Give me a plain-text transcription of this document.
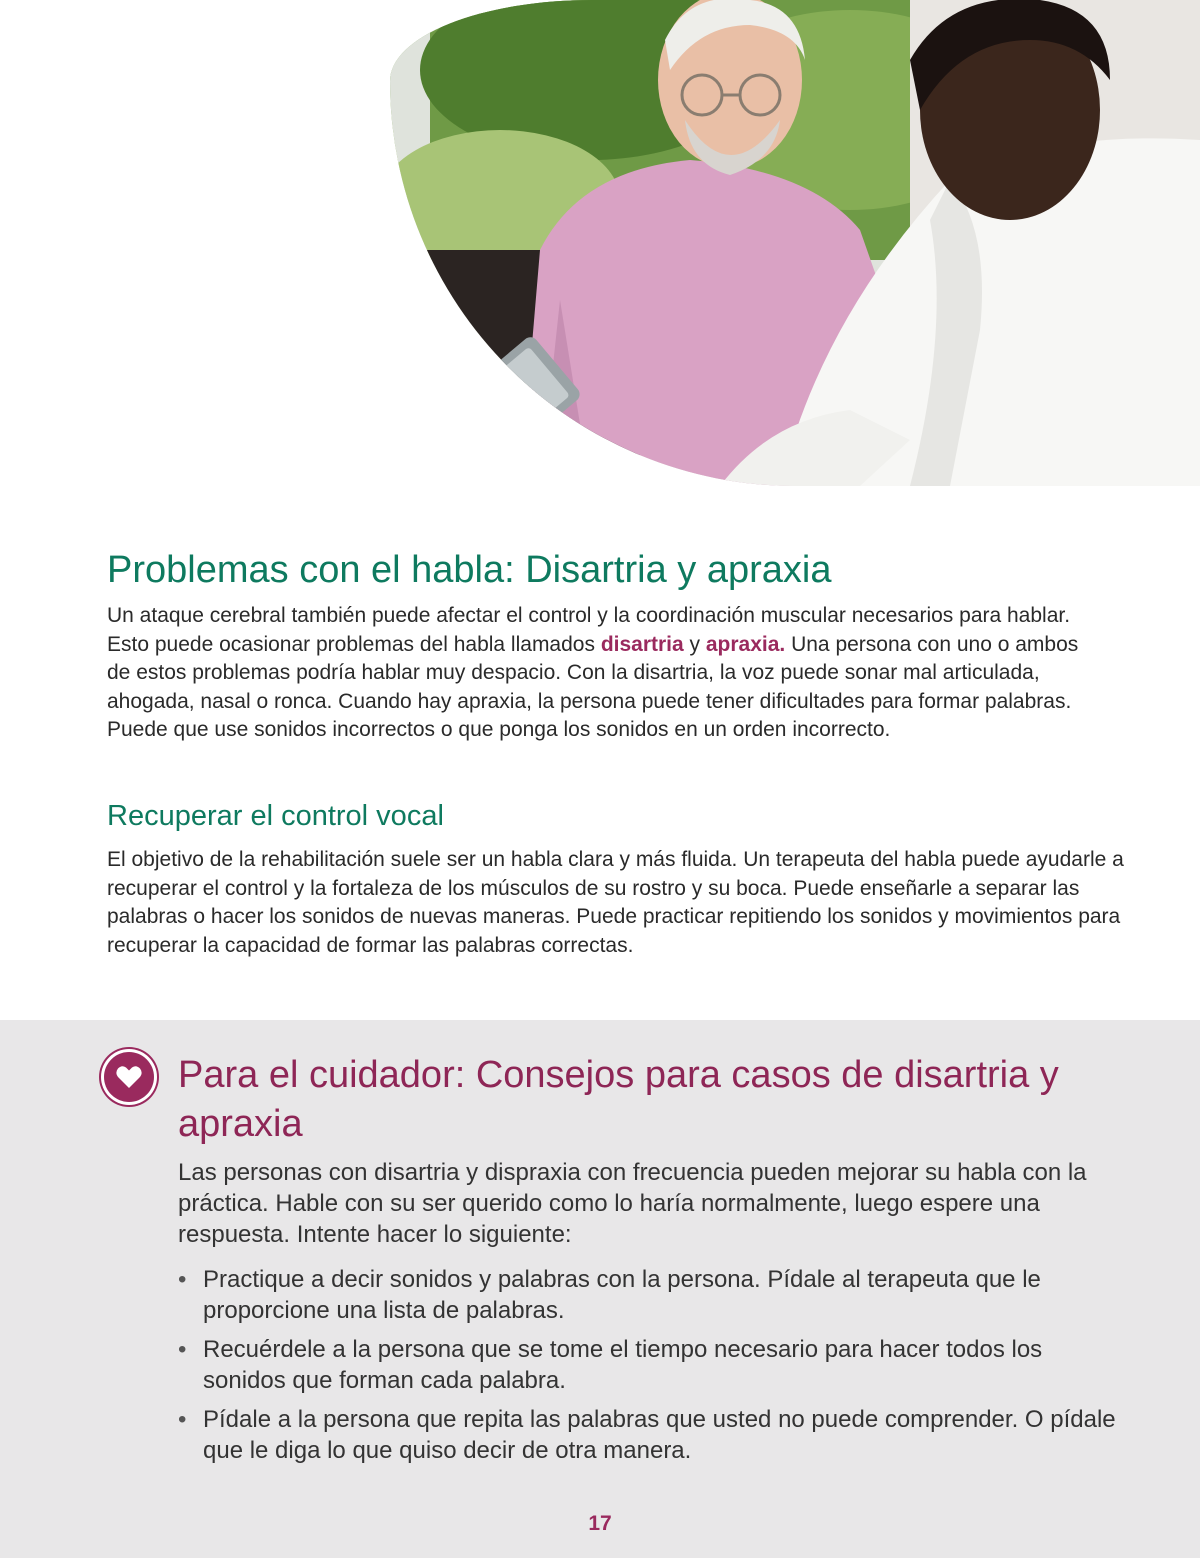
Problemas con el habla: Disartria y apraxia

Un ataque cerebral también puede afectar el control y la coordinación muscular necesarios para hablar. Esto puede ocasionar problemas del habla llamados disartria y apraxia. Una persona con uno o ambos de estos problemas podría hablar muy despacio. Con la disartria, la voz puede sonar mal articulada, ahogada, nasal o ronca. Cuando hay apraxia, la persona puede tener dificultades para formar palabras. Puede que use sonidos incorrectos o que ponga los sonidos en un orden incorrecto.

Recuperar el control vocal

El objetivo de la rehabilitación suele ser un habla clara y más fluida. Un terapeuta del habla puede ayudarle a recuperar el control y la fortaleza de los músculos de su rostro y su boca. Puede enseñarle a separar las palabras o hacer los sonidos de nuevas maneras. Puede practicar repitiendo los sonidos y movimientos para recuperar la capacidad de formar las palabras correctas.

Para el cuidador: Consejos para casos de disartria y apraxia

Las personas con disartria y dispraxia con frecuencia pueden mejorar su habla con la práctica. Hable con su ser querido como lo haría normalmente, luego espere una respuesta. Intente hacer lo siguiente:

• Practique a decir sonidos y palabras con la persona. Pídale al terapeuta que le proporcione una lista de palabras.
• Recuérdele a la persona que se tome el tiempo necesario para hacer todos los sonidos que forman cada palabra.
• Pídale a la persona que repita las palabras que usted no puede comprender. O pídale que le diga lo que quiso decir de otra manera.
17
